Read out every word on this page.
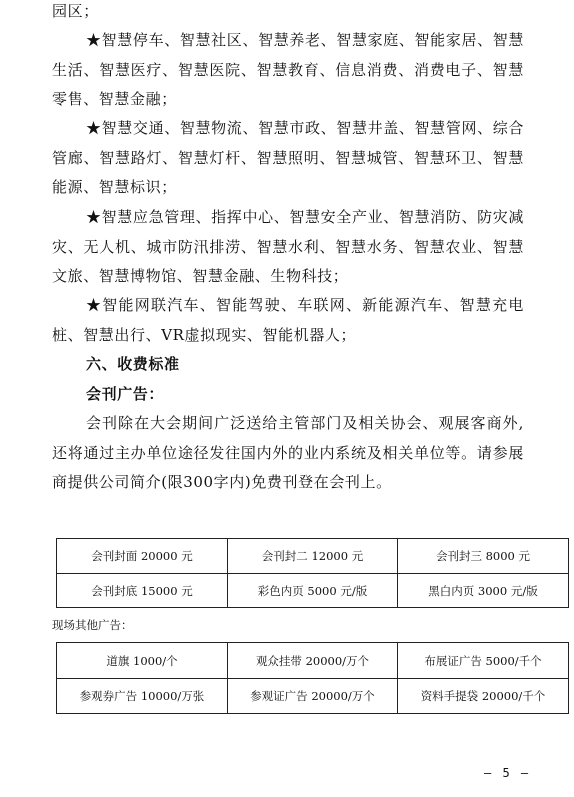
园区；

★智慧停车、智慧社区、智慧养老、智慧家庭、智能家居、智慧生活、智慧医疗、智慧医院、智慧教育、信息消费、消费电子、智慧零售、智慧金融；

★智慧交通、智慧物流、智慧市政、智慧井盖、智慧管网、综合管廊、智慧路灯、智慧灯杆、智慧照明、智慧城管、智慧环卫、智慧能源、智慧标识；

★智慧应急管理、指挥中心、智慧安全产业、智慧消防、防灾减灾、无人机、城市防汛排涝、智慧水利、智慧水务、智慧农业、智慧文旅、智慧博物馆、智慧金融、生物科技；

★智能网联汽车、智能驾驶、车联网、新能源汽车、智慧充电桩、智慧出行、VR虚拟现实、智能机器人；

六、收费标准

会刊广告：

会刊除在大会期间广泛送给主管部门及相关协会、观展客商外,还将通过主办单位途径发往国内外的业内系统及相关单位等。请参展商提供公司简介(限300字内)免费刊登在会刊上。

会刊封面 20000 元	会刊封二 12000 元	会刊封三 8000 元
会刊封底 15000 元	彩色内页 5000 元/版	黑白内页 3000 元/版

现场其他广告：

道旗 1000/个	观众挂带 20000/万个	布展证广告 5000/千个
参观券广告 10000/万张	参观证广告 20000/万个	资料手提袋 20000/千个
– 5 –
